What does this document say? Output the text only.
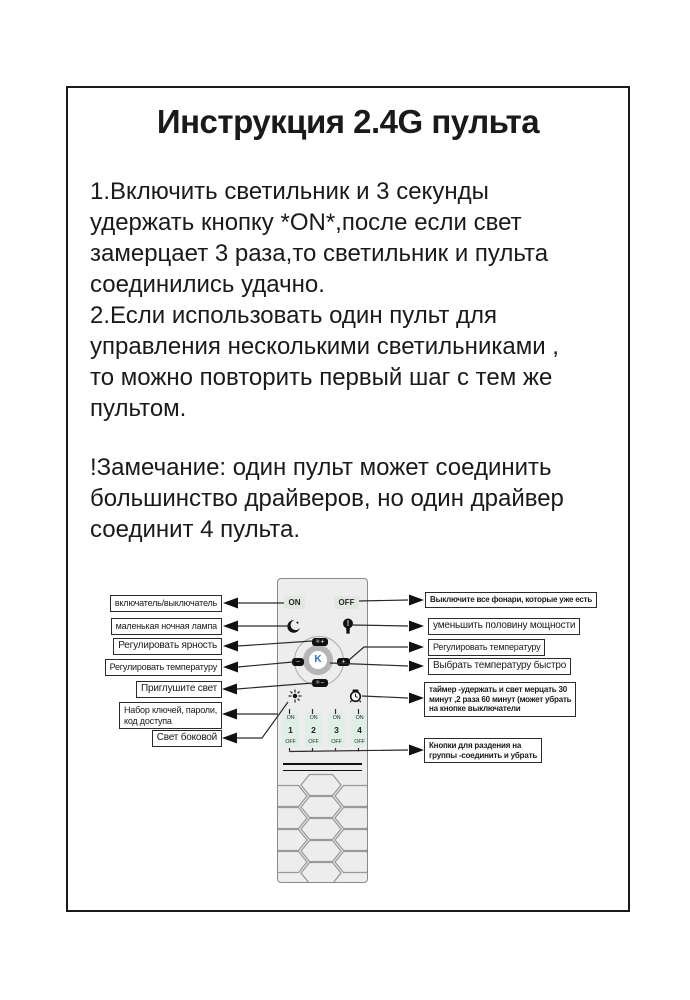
Инструкция 2.4G пульта
1.Включить светильник и 3 секунды
удержать кнопку *ON*,после если свет
замерцает 3 раза,то светильник и пульта
соединились удачно.
2.Если использовать один пульт для
управления несколькими светильниками ,
то можно повторить первый шаг с тем же
пультом.
!Замечание: один пульт может соединить
большинство драйверов, но один драйвер
соединит 4 пульта.
ON	OFF
K
☼+
☼−
−	+
ON
1
OFF
ON
2
OFF
ON
3
OFF
ON
4
OFF
включатель/выключатель
маленькая ночная лампа
Регулировать ярность
Регулировать температуру
Приглушите свет
Набор ключей, пароли,
код доступа
Свет боковой
Выключите все фонари, которые уже есть
уменьшить половину мощности
Регулировать температуру
Выбрать температуру быстро
таймер -удержать и свет мерцать 30
минут ,2 раза 60 минут (может убрать
на кнопке выключатели
Кнопки для раздения на
группы -соединить и убрать
